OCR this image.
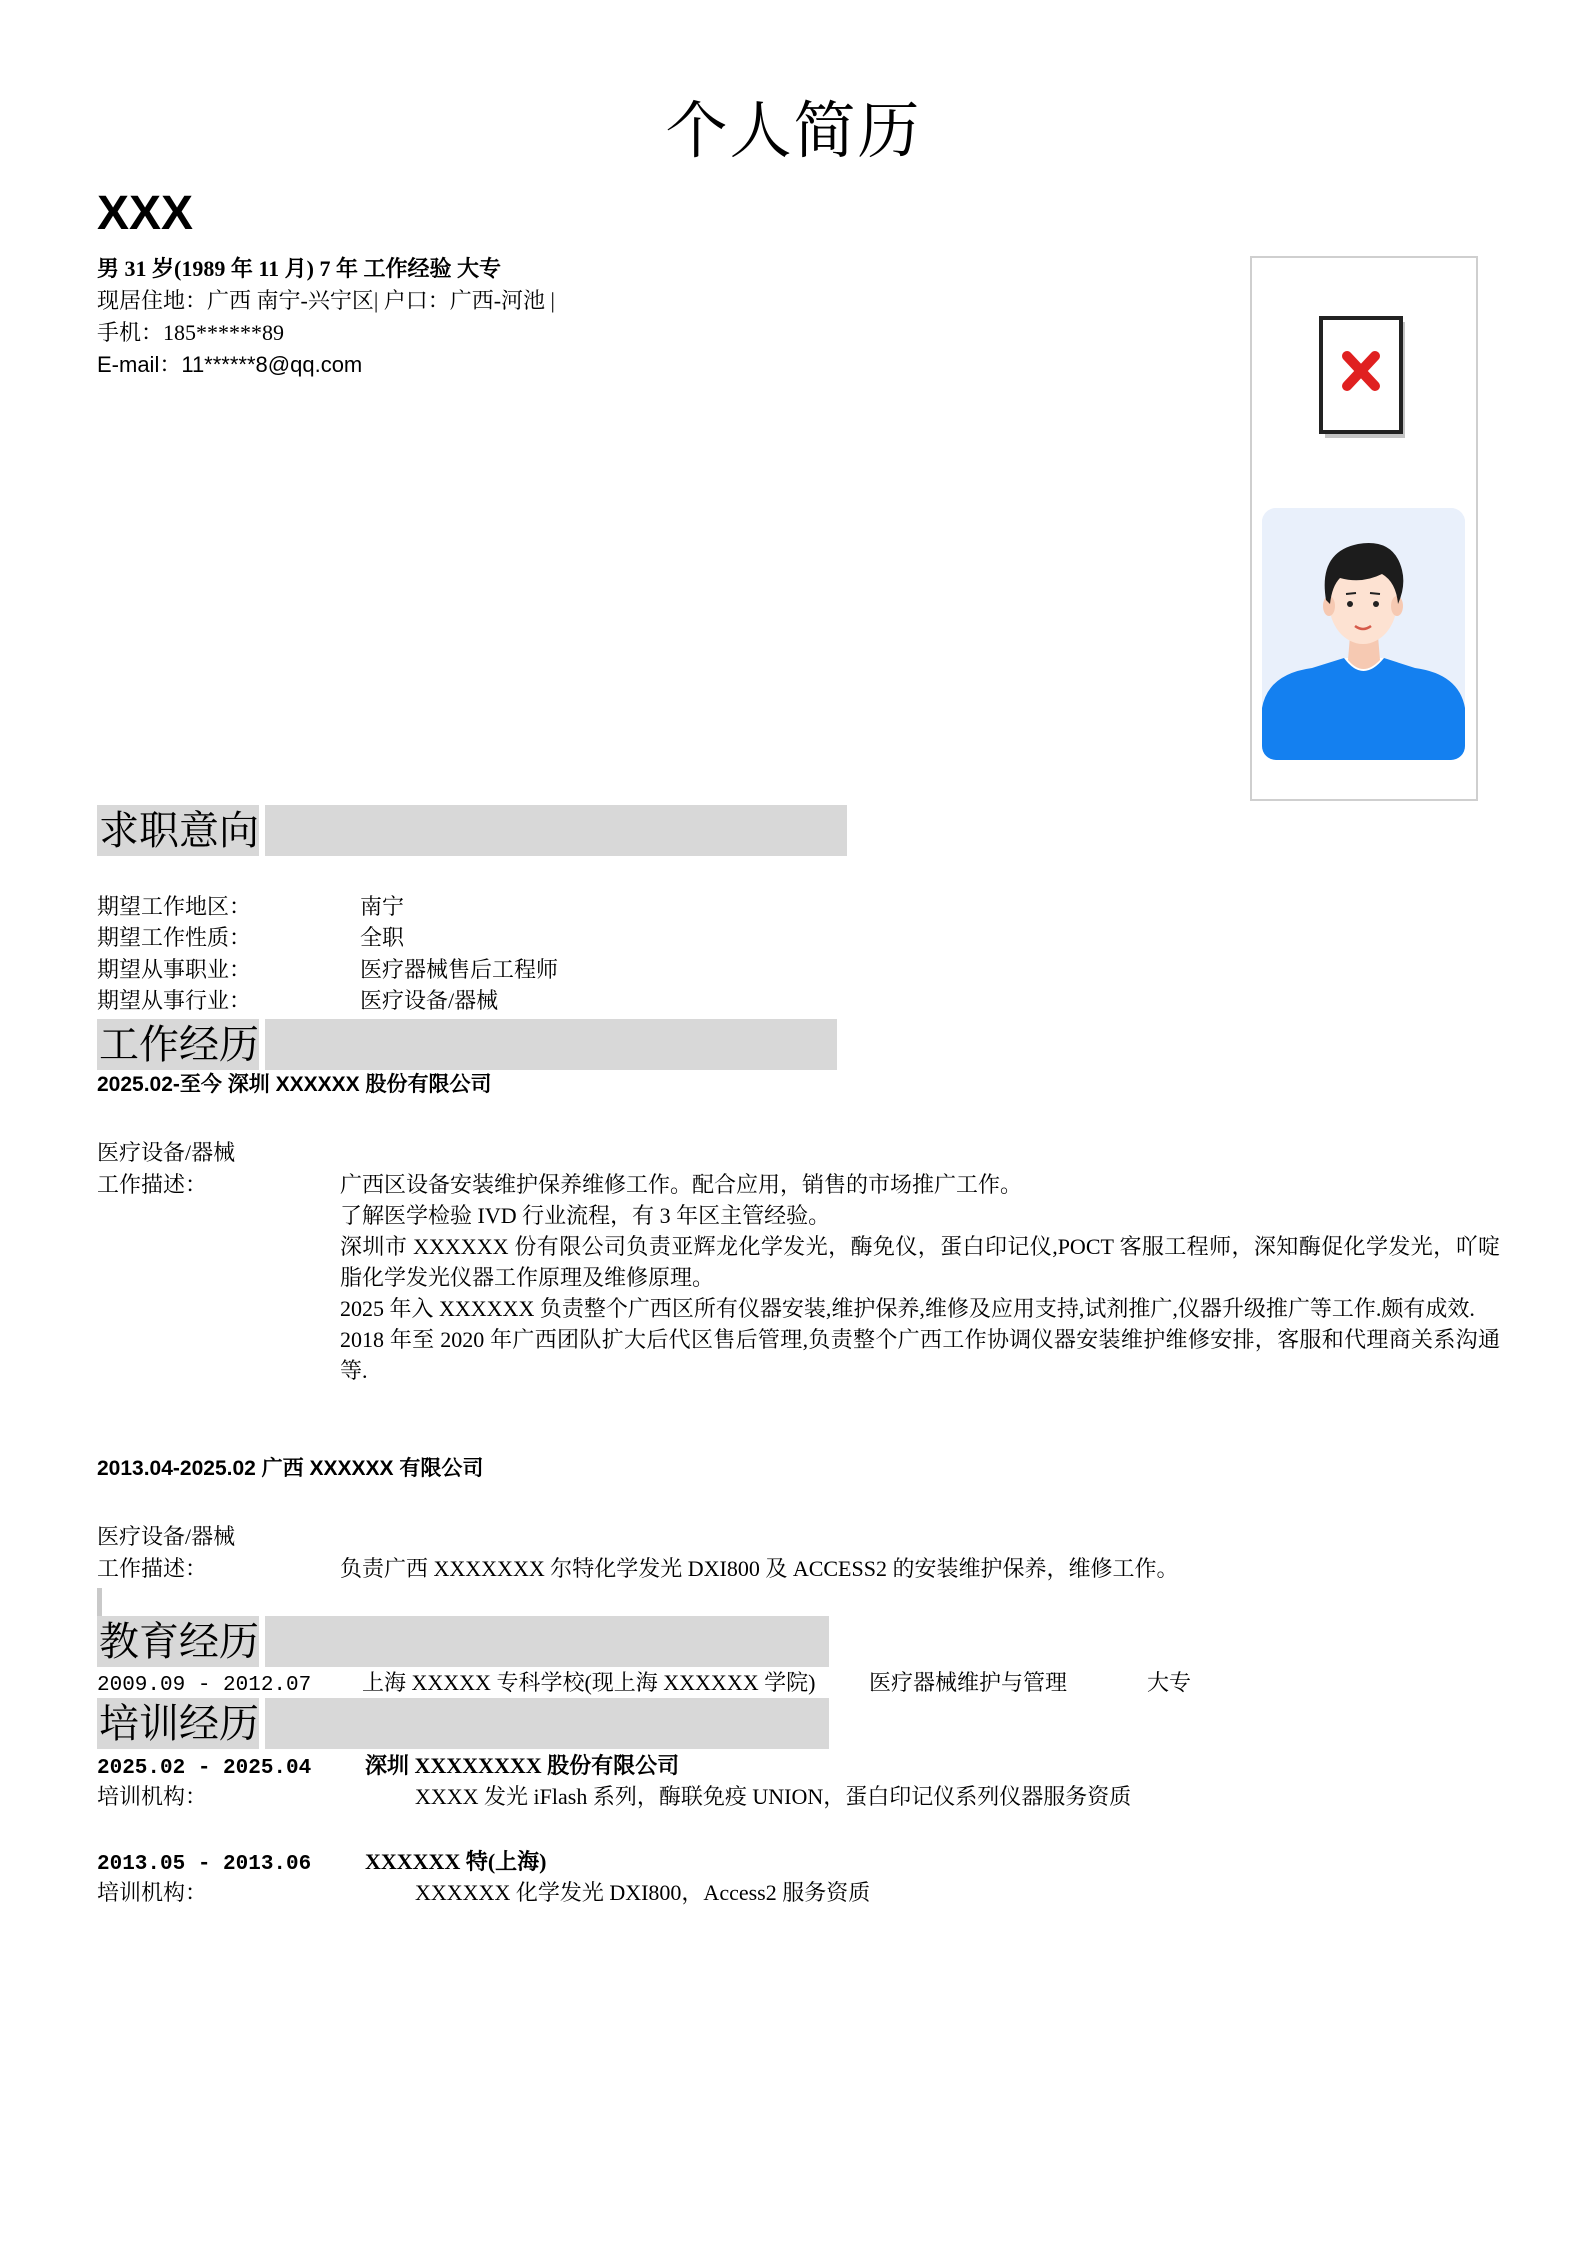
个人简历
XXX
男 31 岁(1989 年 11 月) 7 年 工作经验 大专
现居住地：广西 南宁-兴宁区| 户口：广西-河池 |
手机：185******89
E-mail：11******8@qq.com
求职意向
期望工作地区：	南宁
期望工作性质：	全职
期望从事职业：	医疗器械售后工程师
期望从事行业：	医疗设备/器械
工作经历
2025.02-至今 深圳 XXXXXX 股份有限公司
医疗设备/器械
工作描述：	广西区设备安装维护保养维修工作。配合应用，销售的市场推广工作。

了解医学检验 IVD 行业流程，有 3 年区主管经验。

深圳市 XXXXXX 份有限公司负责亚辉龙化学发光，酶免仪，蛋白印记仪,POCT 客服工程师，深知酶促化学发光，吖啶脂化学发光仪器工作原理及维修原理。

2025 年入 XXXXXX 负责整个广西区所有仪器安装,维护保养,维修及应用支持,试剂推广,仪器升级推广等工作.颇有成效.

2018 年至 2020 年广西团队扩大后代区售后管理,负责整个广西工作协调仪器安装维护维修安排，客服和代理商关系沟通等.

2013.04-2025.02 广西 XXXXXX 有限公司
医疗设备/器械
工作描述：	负责广西 XXXXXXX 尔特化学发光 DXI800 及 ACCESS2 的安装维护保养，维修工作。

教育经历
2009.09 - 2012.07 上海 XXXXX 专科学校(现上海 XXXXXX 学院) 医疗器械维护与管理	大专
培训经历
2025.02 - 2025.04 深圳 XXXXXXXX 股份有限公司
培训机构：	XXXX 发光 iFlash 系列，酶联免疫 UNION，蛋白印记仪系列仪器服务资质
2013.05 - 2013.06 XXXXXX 特(上海)
培训机构：	XXXXXX 化学发光 DXI800，Access2 服务资质
